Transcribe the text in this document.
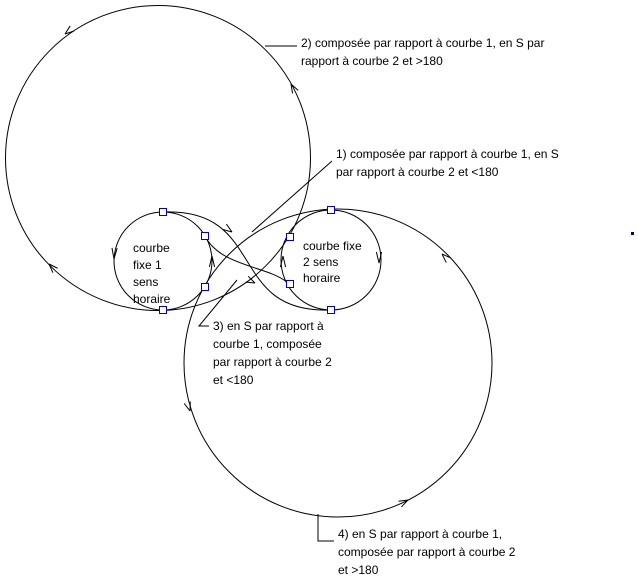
courbe
fixe 1
sens
horaire
courbe fixe
2 sens
horaire
2) composée par rapport à courbe 1, en S par
rapport à courbe 2 et >180
1) composée par rapport à courbe 1, en S
par rapport à courbe 2 et <180
3) en S par rapport à
courbe 1, composée
par rapport à courbe 2
et <180
4) en S par rapport à courbe 1,
composée par rapport à courbe 2
et >180
